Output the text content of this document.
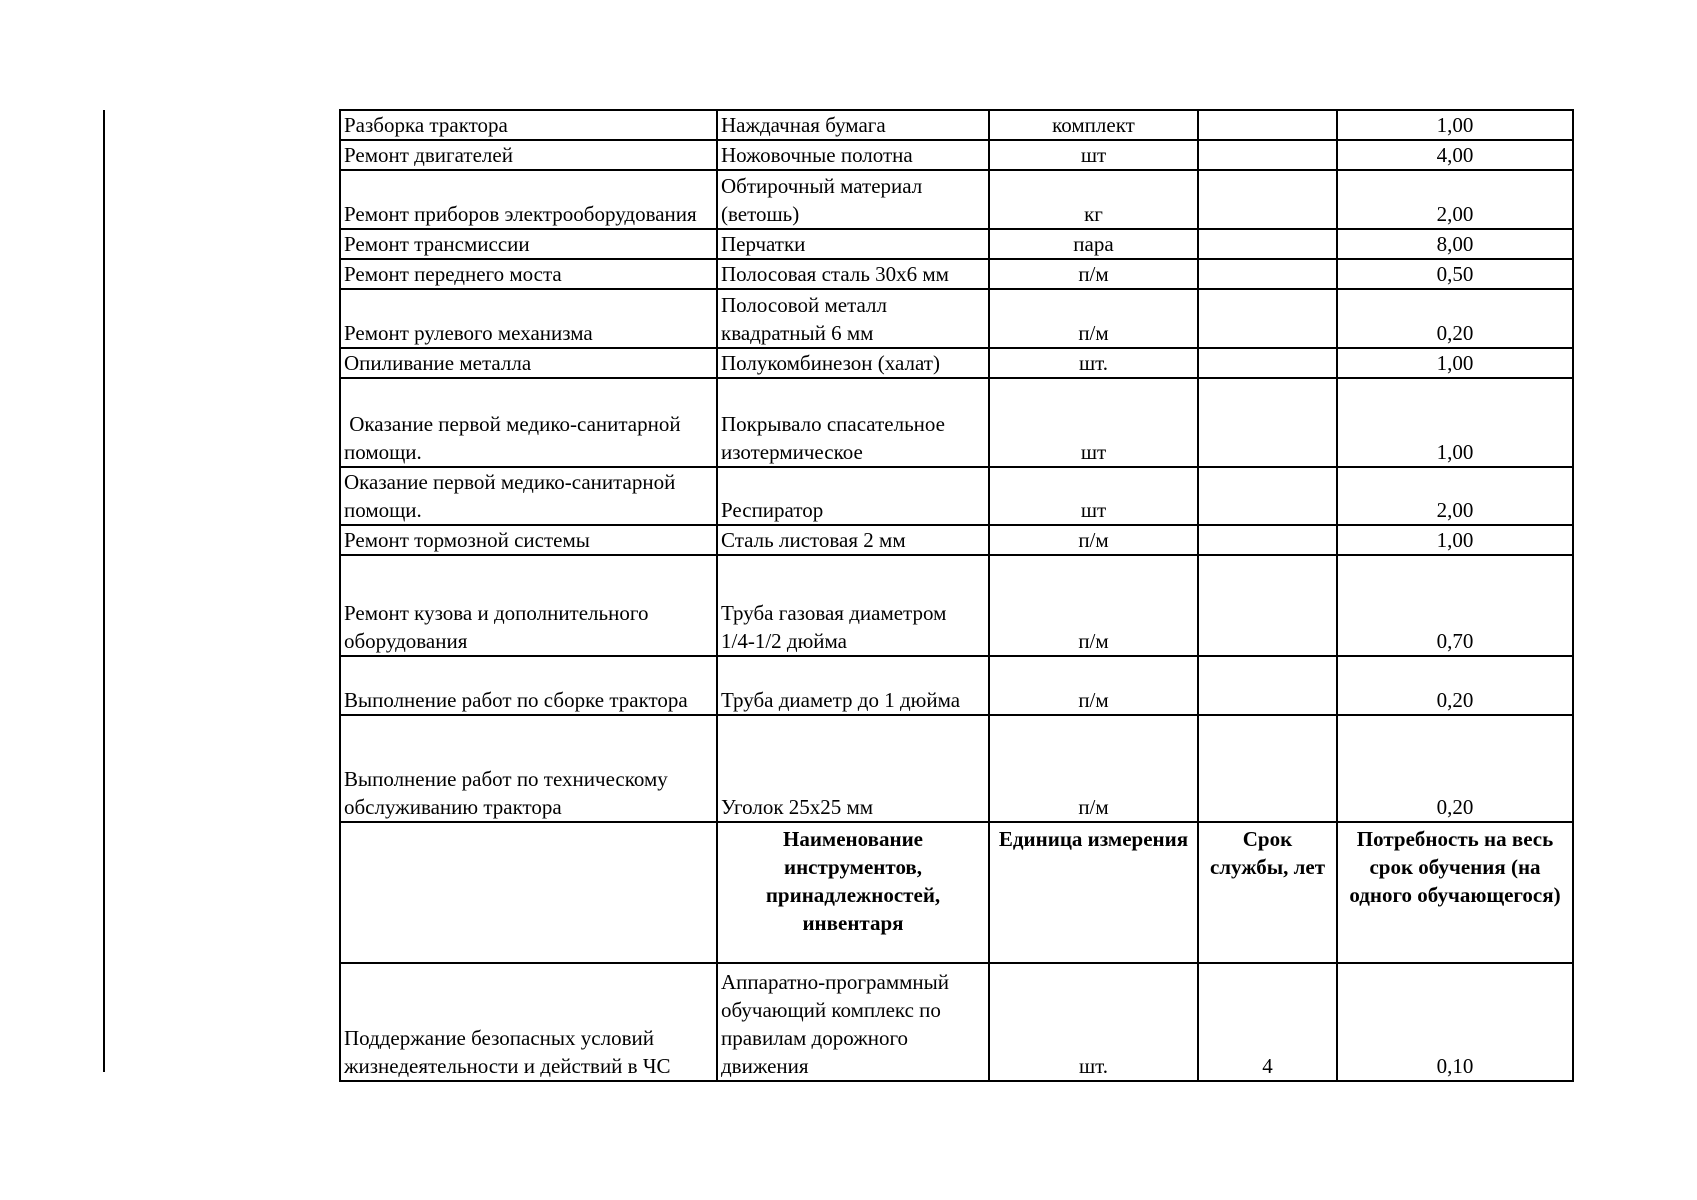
Разборка трактора	Наждачная бумага	комплект		1,00
Ремонт двигателей	Ножовочные полотна	шт		4,00
Ремонт приборов электрооборудования	Обтирочный материал (ветошь)	кг		2,00
Ремонт трансмиссии	Перчатки	пара		8,00
Ремонт переднего моста	Полосовая сталь 30х6 мм	п/м		0,50
Ремонт рулевого механизма	Полосовой металл квадратный 6 мм	п/м		0,20
Опиливание металла	Полукомбинезон (халат)	шт.		1,00
Оказание первой медико-санитарной помощи.	Покрывало спасательное изотермическое	шт		1,00
Оказание первой медико-санитарной помощи.	Респиратор	шт		2,00
Ремонт тормозной системы	Сталь листовая 2 мм	п/м		1,00
Ремонт кузова и дополнительного оборудования	Труба газовая диаметром 1/4-1/2 дюйма	п/м		0,70
Выполнение работ по сборке трактора	Труба диаметр до 1 дюйма	п/м		0,20
Выполнение работ по техническому обслуживанию трактора	Уголок 25х25 мм	п/м		0,20
	Наименование инструментов, принадлежностей, инвентаря	Единица измерения	Срок службы, лет	Потребность на весь срок обучения (на одного обучающегося)
Поддержание безопасных условий жизнедеятельности и действий в ЧС	Аппаратно-программный обучающий комплекс по правилам дорожного движения	шт.	4	0,10
